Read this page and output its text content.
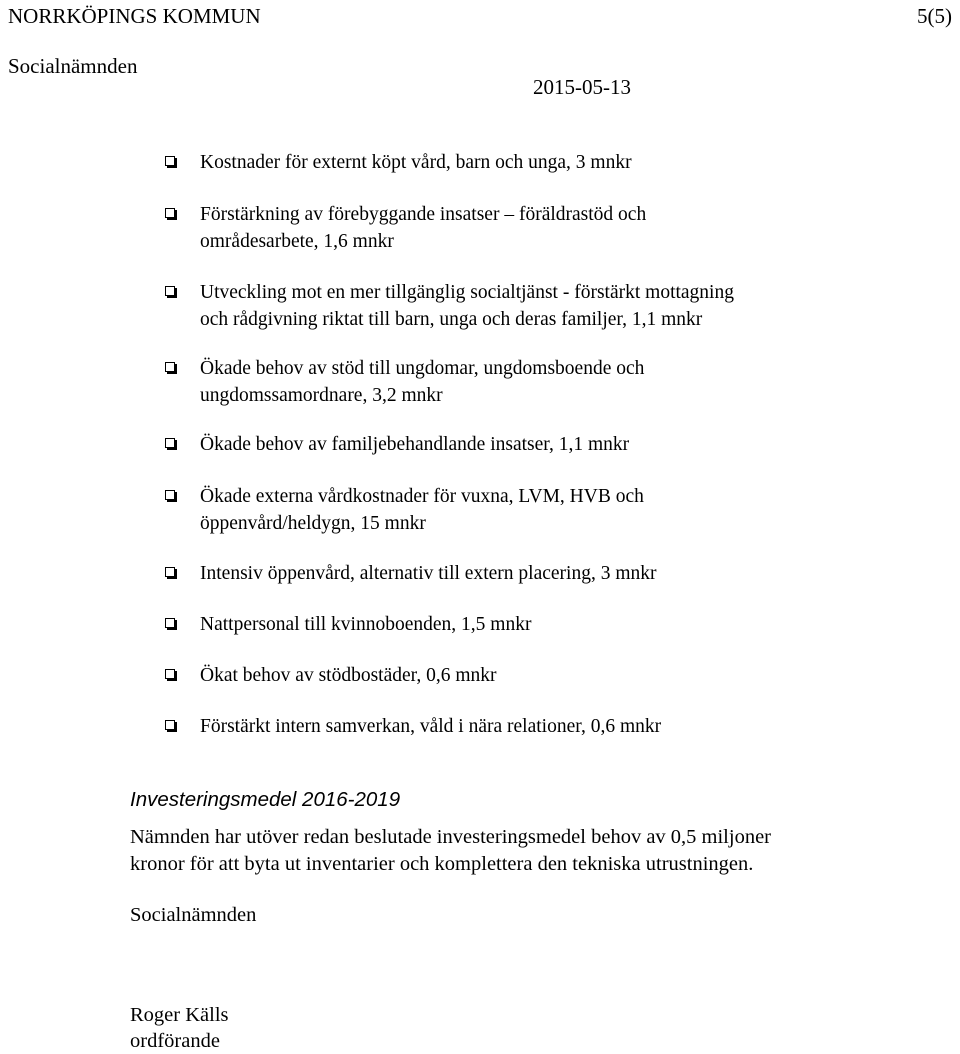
NORRKÖPINGS KOMMUN	5(5)
Socialnämnden
2015-05-13
Kostnader för externt köpt vård, barn och unga, 3 mnkr
Förstärkning av förebyggande insatser – föräldrastöd och
områdesarbete, 1,6 mnkr
Utveckling mot en mer tillgänglig socialtjänst - förstärkt mottagning
och rådgivning riktat till barn, unga och deras familjer, 1,1 mnkr
Ökade behov av stöd till ungdomar, ungdomsboende och
ungdomssamordnare, 3,2 mnkr
Ökade behov av familjebehandlande insatser, 1,1 mnkr
Ökade externa vårdkostnader för vuxna, LVM, HVB och
öppenvård/heldygn, 15 mnkr
Intensiv öppenvård, alternativ till extern placering, 3 mnkr
Nattpersonal till kvinnoboenden, 1,5 mnkr
Ökat behov av stödbostäder, 0,6 mnkr
Förstärkt intern samverkan, våld i nära relationer, 0,6 mnkr
Investeringsmedel 2016-2019
Nämnden har utöver redan beslutade investeringsmedel behov av 0,5 miljoner
kronor för att byta ut inventarier och komplettera den tekniska utrustningen.
Socialnämnden
Roger Källs
ordförande
